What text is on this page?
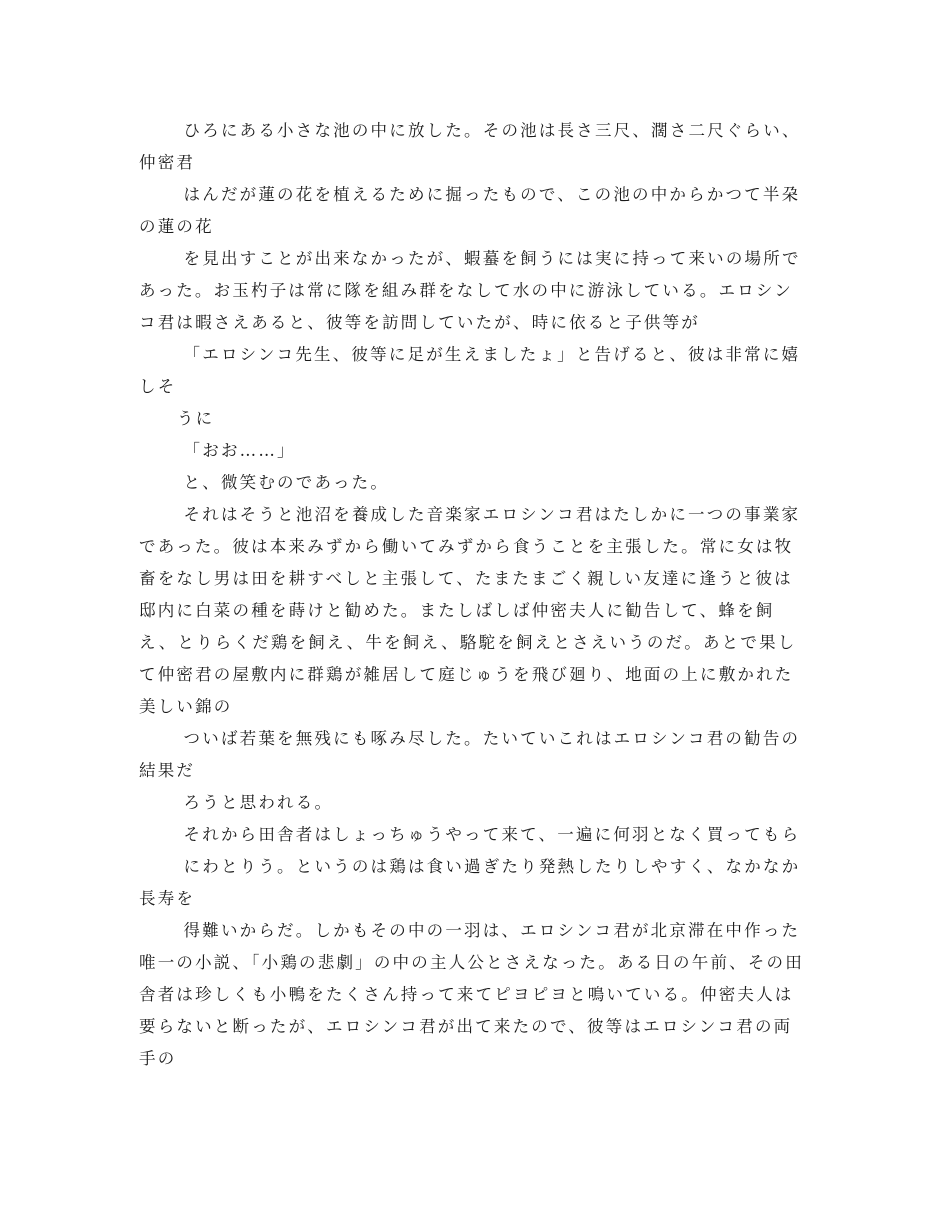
ひろにある小さな池の中に放した。その池は長さ三尺、濶さ二尺ぐらい、仲密君

はんだが蓮の花を植えるために掘ったもので、この池の中からかつて半朶の蓮の花

を見出すことが出来なかったが、蝦蟇を飼うには実に持って来いの場所であった。お玉杓子は常に隊を組み群をなして水の中に游泳している。エロシンコ君は暇さえあると、彼等を訪問していたが、時に依ると子供等が

「エロシンコ先生、彼等に足が生えましたょ」と告げると、彼は非常に嬉しそ

うに

「おお……」

と、微笑むのであった。

それはそうと池沼を養成した音楽家エロシンコ君はたしかに一つの事業家であった。彼は本来みずから働いてみずから食うことを主張した。常に女は牧畜をなし男は田を耕すべしと主張して、たまたまごく親しい友達に逢うと彼は邸内に白菜の種を蒔けと勧めた。またしばしば仲密夫人に勧告して、蜂を飼え、とりらくだ鶏を飼え、牛を飼え、駱駝を飼えとさえいうのだ。あとで果して仲密君の屋敷内に群鶏が雑居して庭じゅうを飛び廻り、地面の上に敷かれた美しい錦の

ついば若葉を無残にも啄み尽した。たいていこれはエロシンコ君の勧告の結果だ

ろうと思われる。

それから田舎者はしょっちゅうやって来て、一遍に何羽となく買ってもら

にわとりう。というのは鶏は食い過ぎたり発熱したりしやすく、なかなか長寿を

得難いからだ。しかもその中の一羽は、エロシンコ君が北京滞在中作った唯一の小説、「小鶏の悲劇」の中の主人公とさえなった。ある日の午前、その田舎者は珍しくも小鴨をたくさん持って来てピヨピヨと鳴いている。仲密夫人は要らないと断ったが、エロシンコ君が出て来たので、彼等はエロシンコ君の両手の
